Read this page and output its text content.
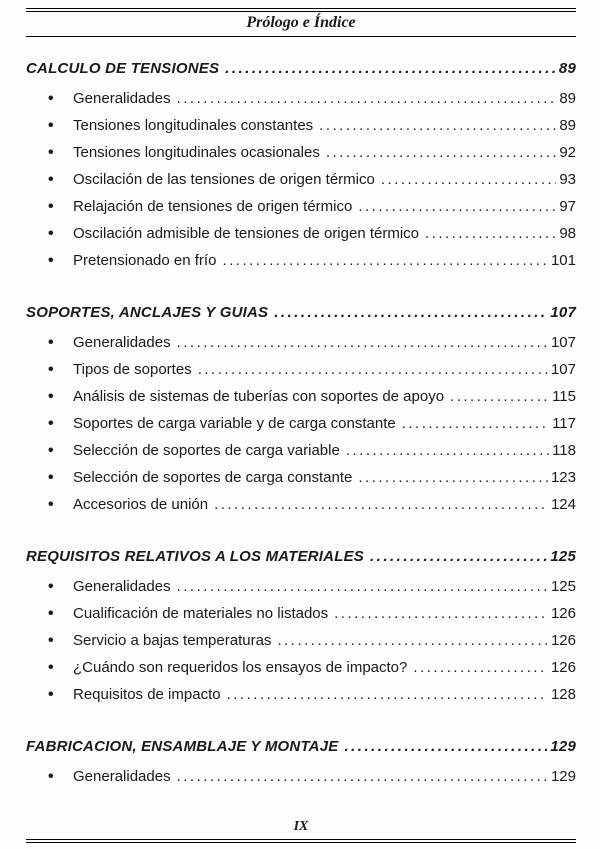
Prólogo e Índice
CALCULO DE TENSIONES .....	89
•
Generalidades .....	89
•
Tensiones longitudinales constantes .....	89
•
Tensiones longitudinales ocasionales .....	92
•
Oscilación de las tensiones de origen térmico .....	93
•
Relajación de tensiones de origen térmico .....	97
•
Oscilación admisible de tensiones de origen térmico .....	98
•
Pretensionado en frío .....	101
SOPORTES, ANCLAJES Y GUIAS .....	107
•
Generalidades .....	107
•
Tipos de soportes .....	107
•
Análisis de sistemas de tuberías con soportes de apoyo .....	115
•
Soportes de carga variable y de carga constante .....	117
•
Selección de soportes de carga variable .....	118
•
Selección de soportes de carga constante .....	123
•
Accesorios de unión .....	124
REQUISITOS RELATIVOS A LOS MATERIALES .....	125
•
Generalidades .....	125
•
Cualificación de materiales no listados .....	126
•
Servicio a bajas temperaturas .....	126
•
¿Cuándo son requeridos los ensayos de impacto? .....	126
•
Requisitos de impacto .....	128
FABRICACION, ENSAMBLAJE Y MONTAJE .....	129
•
Generalidades .....	129
IX
